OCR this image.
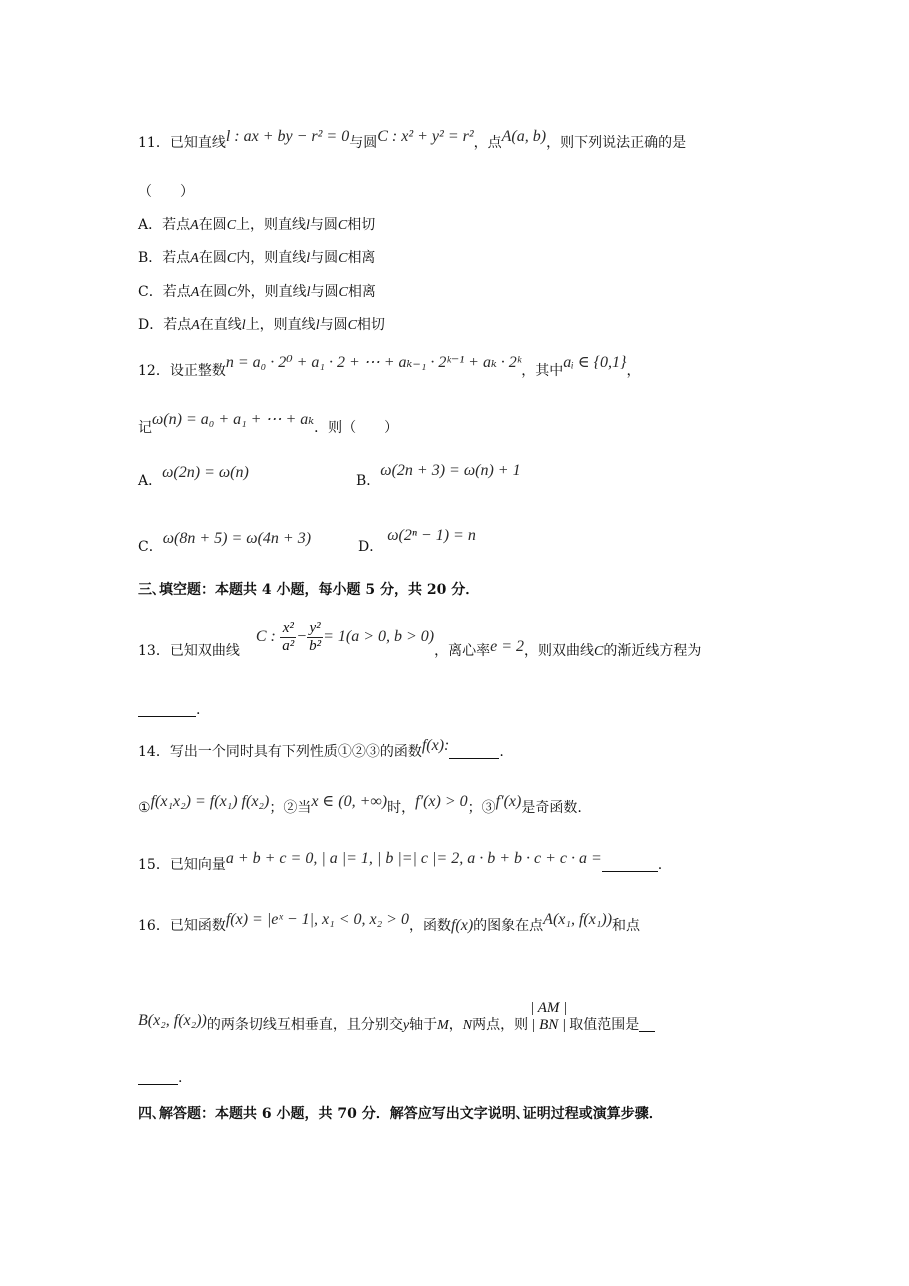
11．已知直线l : ax + by − r² = 0与圆C : x² + y² = r²，点A(a, b)，则下列说法正确的是
（　　）
A．若点A在圆C上，则直线l与圆C相切
B．若点A在圆C内，则直线l与圆C相离
C．若点A在圆C外，则直线l与圆C相离
D．若点A在直线l上，则直线l与圆C相切
12．设正整数n = a₀ · 2⁰ + a₁ · 2 + ⋯ + aₖ₋₁ · 2ᵏ⁻¹ + aₖ · 2ᵏ，其中aᵢ ∈ {0,1}，
记ω(n) = a₀ + a₁ + ⋯ + aₖ．则（　　）
A．ω(2n) = ω(n)	B．ω(2n + 3) = ω(n) + 1
C．ω(8n + 5) = ω(4n + 3)	D．ω(2ⁿ − 1) = n
三､填空题：本题共 4 小题，每小题 5 分，共 20 分．
13．已知双曲线C : $\frac{\text{x²}}{\text{a²}} - \frac{\text{y²}}{\text{b²}} = 1(a > 0$, b > 0)，离心率e = 2，则双曲线C的渐近线方程为
.
14．写出一个同时具有下列性质①②③的函数f(x):	.
①f(x₁x₂) = f(x₁) f(x₂)；②当x ∈ (0, +∞)时，f′(x) > 0；③f′(x)是奇函数.
15．已知向量a + b + c = 0, | a |= 1, | b |=| c |= 2, a · b + b · c + c · a =	.
16．已知函数f(x) = |eˣ − 1|, x₁ < 0, x₂ > 0，函数f(x)的图象在点A(x₁, f(x₁))和点
B(x₂, f(x₂))的两条切线互相垂直，且分别交y轴于M，N两点，则
| AM |
| BN | 取值范围是
.
四､解答题：本题共 6 小题，共 70 分．解答应写出文字说明､证明过程或演算步骤．
